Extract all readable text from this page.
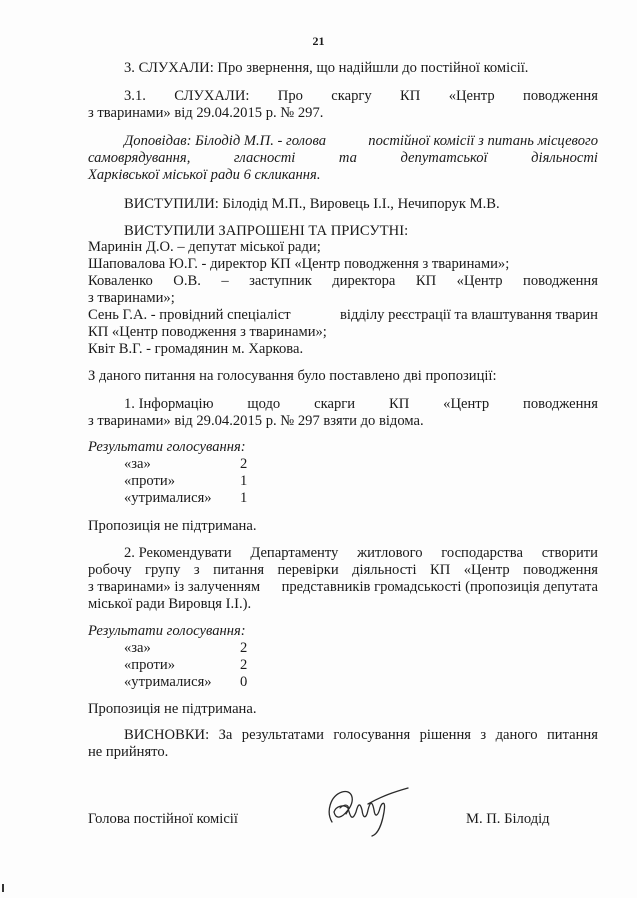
21
3. СЛУХАЛИ: Про звернення, що надійшли до постійної комісії.
3.1. СЛУХАЛИ: Про скаргу КП «Центр поводження
з тваринами» від 29.04.2015 р. № 297.
Доповідав: Білодід М.П. - голова	постійної комісії з питань місцевого
самоврядування,	гласності	та	депутатської	діяльності
Харківської міської ради 6 скликання.
ВИСТУПИЛИ: Білодід М.П., Вировець І.І., Нечипорук М.В.
ВИСТУПИЛИ ЗАПРОШЕНІ ТА ПРИСУТНІ:
Маринін Д.О. – депутат міської ради;
Шаповалова Ю.Г. - директор КП «Центр поводження з тваринами»;
Коваленко О.В. – заступник директора КП «Центр поводження
з тваринами»;
Сень Г.А. - провідний спеціаліст	відділу реєстрації та влаштування тварин
КП «Центр поводження з тваринами»;
Квіт В.Г. - громадянин м. Харкова.
З даного питання на голосування було поставлено дві пропозиції:
1. Інформацію щодо скарги КП «Центр поводження
з тваринами» від 29.04.2015 р. № 297 взяти до відома.
Результати голосування:
«за»	2
«проти»	1
«утрималися» 1
Пропозиція не підтримана.
2. Рекомендувати Департаменту житлового господарства створити
робочу групу з питання перевірки діяльності КП «Центр поводження
з тваринами» із залученням представників громадськості (пропозиція депутата
міської ради Вировця І.І.).
Результати голосування:
«за»	2
«проти»	2
«утрималися» 0
Пропозиція не підтримана.
ВИСНОВКИ: За результатами голосування рішення з даного питання
не прийнято.
Голова постійної комісії	М. П. Білодід
